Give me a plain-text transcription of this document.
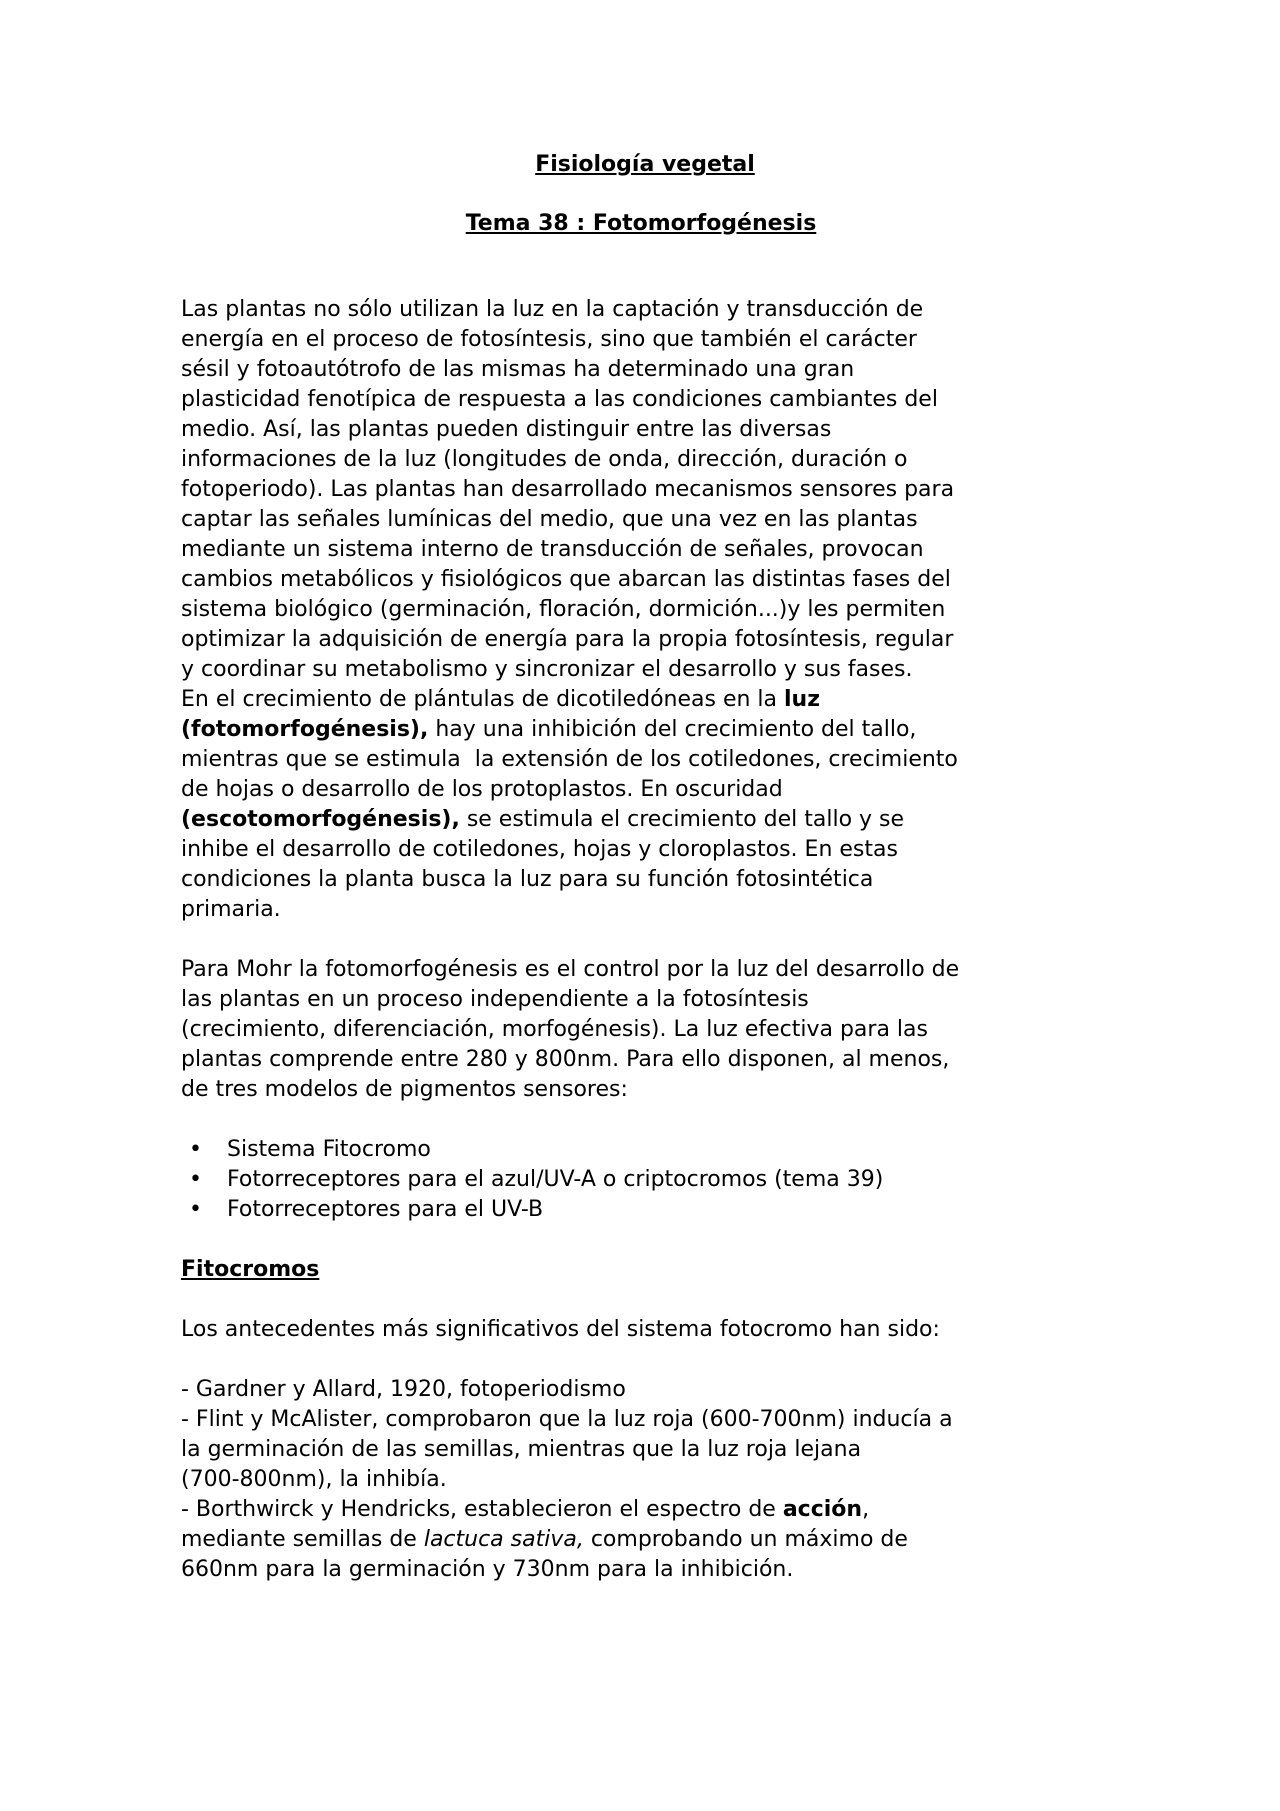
Fisiología vegetal
Tema 38 : Fotomorfogénesis
Las plantas no sólo utilizan la luz en la captación y transducción de
energía en el proceso de fotosíntesis, sino que también el carácter
sésil y fotoautótrofo de las mismas ha determinado una gran
plasticidad fenotípica de respuesta a las condiciones cambiantes del
medio. Así, las plantas pueden distinguir entre las diversas
informaciones de la luz (longitudes de onda, dirección, duración o
fotoperiodo). Las plantas han desarrollado mecanismos sensores para
captar las señales lumínicas del medio, que una vez en las plantas
mediante un sistema interno de transducción de señales, provocan
cambios metabólicos y fisiológicos que abarcan las distintas fases del
sistema biológico (germinación, floración, dormición...)y les permiten
optimizar la adquisición de energía para la propia fotosíntesis, regular
y coordinar su metabolismo y sincronizar el desarrollo y sus fases.
En el crecimiento de plántulas de dicotiledóneas en la luz
(fotomorfogénesis), hay una inhibición del crecimiento del tallo,
mientras que se estimula  la extensión de los cotiledones, crecimiento
de hojas o desarrollo de los protoplastos. En oscuridad
(escotomorfogénesis), se estimula el crecimiento del tallo y se
inhibe el desarrollo de cotiledones, hojas y cloroplastos. En estas
condiciones la planta busca la luz para su función fotosintética
primaria.
Para Mohr la fotomorfogénesis es el control por la luz del desarrollo de
las plantas en un proceso independiente a la fotosíntesis
(crecimiento, diferenciación, morfogénesis). La luz efectiva para las
plantas comprende entre 280 y 800nm. Para ello disponen, al menos,
de tres modelos de pigmentos sensores:
• Sistema Fitocromo
• Fotorreceptores para el azul/UV-A o criptocromos (tema 39)
• Fotorreceptores para el UV-B
Fitocromos
Los antecedentes más significativos del sistema fotocromo han sido:
- Gardner y Allard, 1920, fotoperiodismo
- Flint y McAlister, comprobaron que la luz roja (600-700nm) inducía a
la germinación de las semillas, mientras que la luz roja lejana
(700-800nm), la inhibía.
- Borthwirck y Hendricks, establecieron el espectro de acción,
mediante semillas de lactuca sativa, comprobando un máximo de
660nm para la germinación y 730nm para la inhibición.
